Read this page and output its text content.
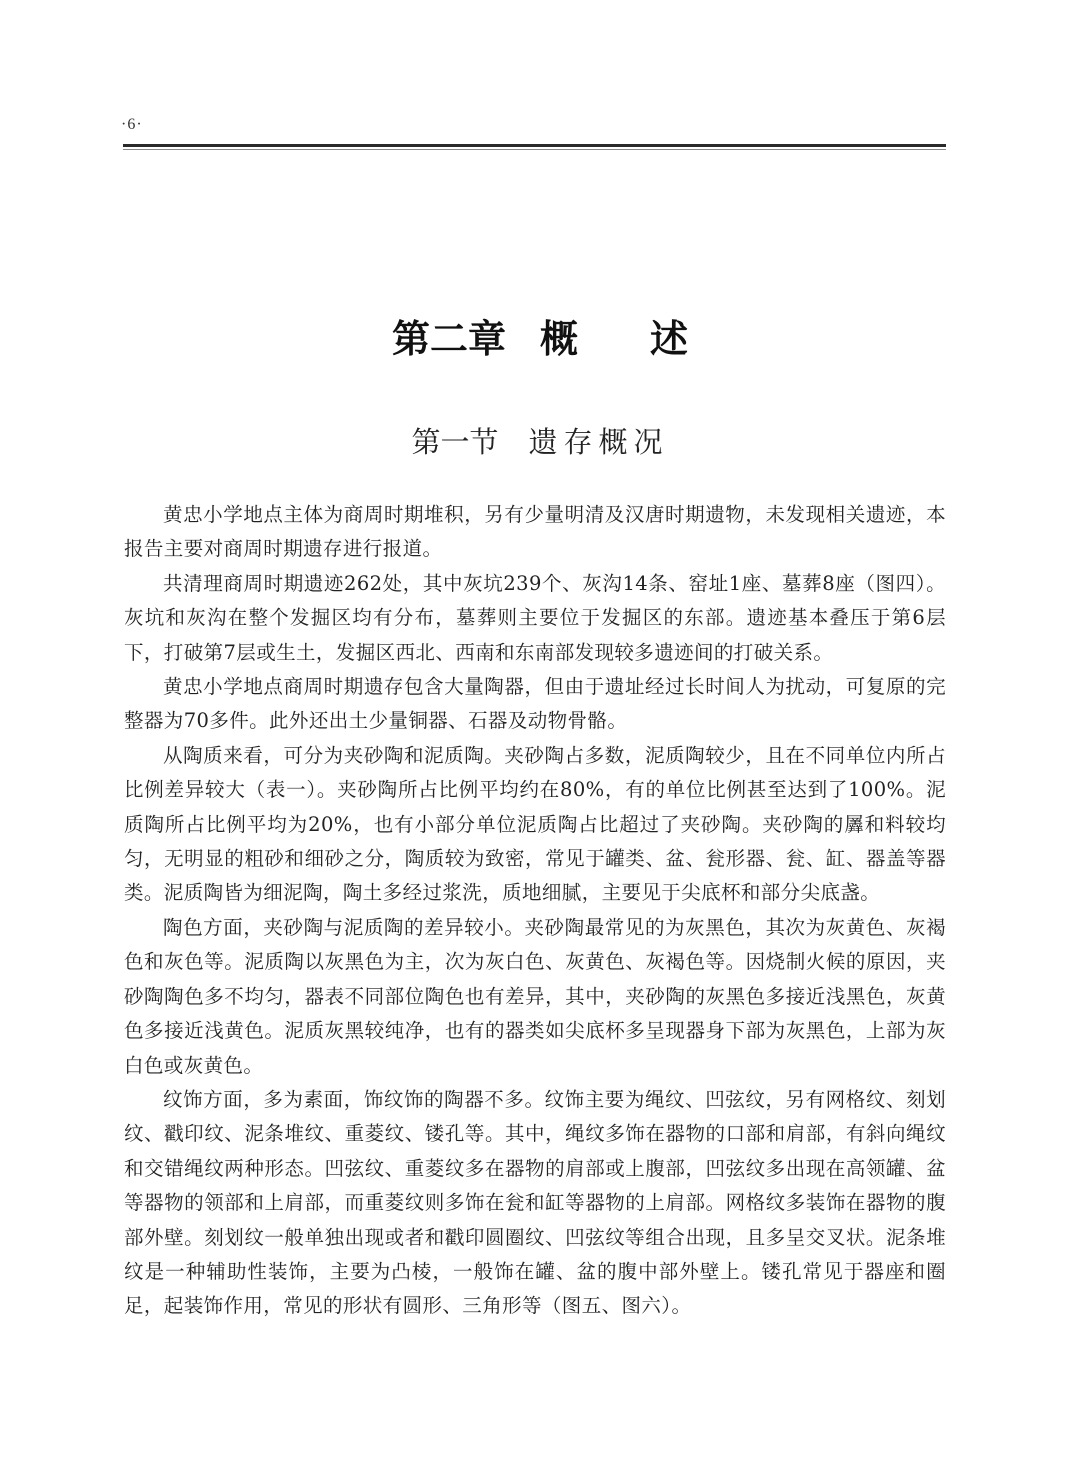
·6·
第二章 概 述
第一节 遗存概况

黄忠小学地点主体为商周时期堆积，另有少量明清及汉唐时期遗物，未发现相关遗迹，本报告主要对商周时期遗存进行报道。

共清理商周时期遗迹262处，其中灰坑239个、灰沟14条、窑址1座、墓葬8座（图四）。灰坑和灰沟在整个发掘区均有分布，墓葬则主要位于发掘区的东部。遗迹基本叠压于第6层下，打破第7层或生土，发掘区西北、西南和东南部发现较多遗迹间的打破关系。

黄忠小学地点商周时期遗存包含大量陶器，但由于遗址经过长时间人为扰动，可复原的完整器为70多件。此外还出土少量铜器、石器及动物骨骼。

从陶质来看，可分为夹砂陶和泥质陶。夹砂陶占多数，泥质陶较少，且在不同单位内所占比例差异较大（表一）。夹砂陶所占比例平均约在80%，有的单位比例甚至达到了100%。泥质陶所占比例平均为20%，也有小部分单位泥质陶占比超过了夹砂陶。夹砂陶的羼和料较均匀，无明显的粗砂和细砂之分，陶质较为致密，常见于罐类、盆、瓮形器、瓮、缸、器盖等器类。泥质陶皆为细泥陶，陶土多经过浆洗，质地细腻，主要见于尖底杯和部分尖底盏。

陶色方面，夹砂陶与泥质陶的差异较小。夹砂陶最常见的为灰黑色，其次为灰黄色、灰褐色和灰色等。泥质陶以灰黑色为主，次为灰白色、灰黄色、灰褐色等。因烧制火候的原因，夹砂陶陶色多不均匀，器表不同部位陶色也有差异，其中，夹砂陶的灰黑色多接近浅黑色，灰黄色多接近浅黄色。泥质灰黑较纯净，也有的器类如尖底杯多呈现器身下部为灰黑色，上部为灰白色或灰黄色。

纹饰方面，多为素面，饰纹饰的陶器不多。纹饰主要为绳纹、凹弦纹，另有网格纹、刻划纹、戳印纹、泥条堆纹、重菱纹、镂孔等。其中，绳纹多饰在器物的口部和肩部，有斜向绳纹和交错绳纹两种形态。凹弦纹、重菱纹多在器物的肩部或上腹部，凹弦纹多出现在高领罐、盆等器物的领部和上肩部，而重菱纹则多饰在瓮和缸等器物的上肩部。网格纹多装饰在器物的腹部外壁。刻划纹一般单独出现或者和戳印圆圈纹、凹弦纹等组合出现，且多呈交叉状。泥条堆纹是一种辅助性装饰，主要为凸棱，一般饰在罐、盆的腹中部外壁上。镂孔常见于器座和圈足，起装饰作用，常见的形状有圆形、三角形等（图五、图六）。
